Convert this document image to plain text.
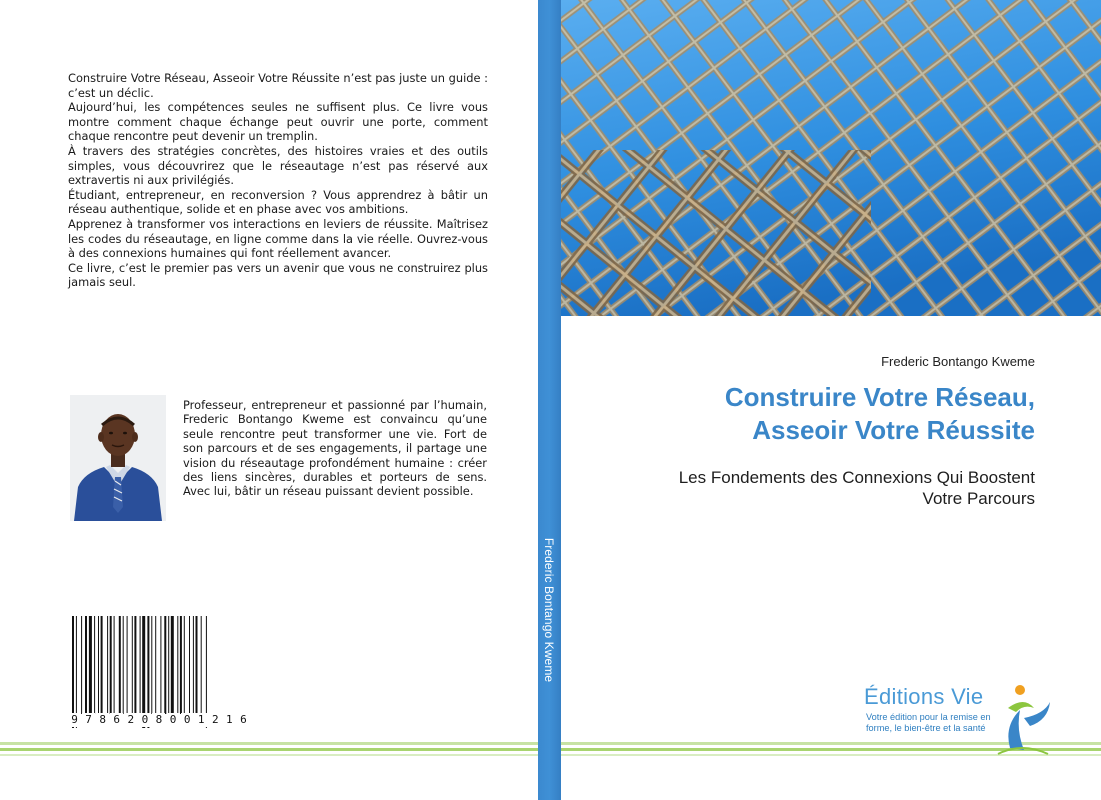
Construire Votre Réseau, Asseoir Votre Réussite n’est pas juste un guide : c’est un déclic.

Aujourd’hui, les compétences seules ne suffisent plus. Ce livre vous montre comment chaque échange peut ouvrir une porte, comment chaque rencontre peut devenir un tremplin.

À travers des stratégies concrètes, des histoires vraies et des outils simples, vous découvrirez que le réseautage n’est pas réservé aux extravertis ni aux privilégiés.

Étudiant, entrepreneur, en reconversion ? Vous apprendrez à bâtir un réseau authentique, solide et en phase avec vos ambitions.

Apprenez à transformer vos interactions en leviers de réussite. Maîtrisez les codes du réseautage, en ligne comme dans la vie réelle. Ouvrez-vous à des connexions humaines qui font réellement avancer.

Ce livre, c’est le premier pas vers un avenir que vous ne construirez plus jamais seul.

Professeur, entrepreneur et passionné par l’humain, Frederic Bontango Kweme est convaincu qu’une seule rencontre peut transformer une vie. Fort de son parcours et de ses engagements, il partage une vision du réseautage profondément humaine : créer des liens sincères, durables et porteurs de sens. Avec lui, bâtir un réseau puissant devient possible.
9 7 8 6 2 0 8 0 0 1 2 1 6
Frederic Bontango Kweme
Frederic Bontango Kweme
Construire Votre Réseau,
Asseoir Votre Réussite
Les Fondements des Connexions Qui Boostent
Votre Parcours
Éditions Vie
Votre édition pour la remise en
forme, le bien-être et la santé
